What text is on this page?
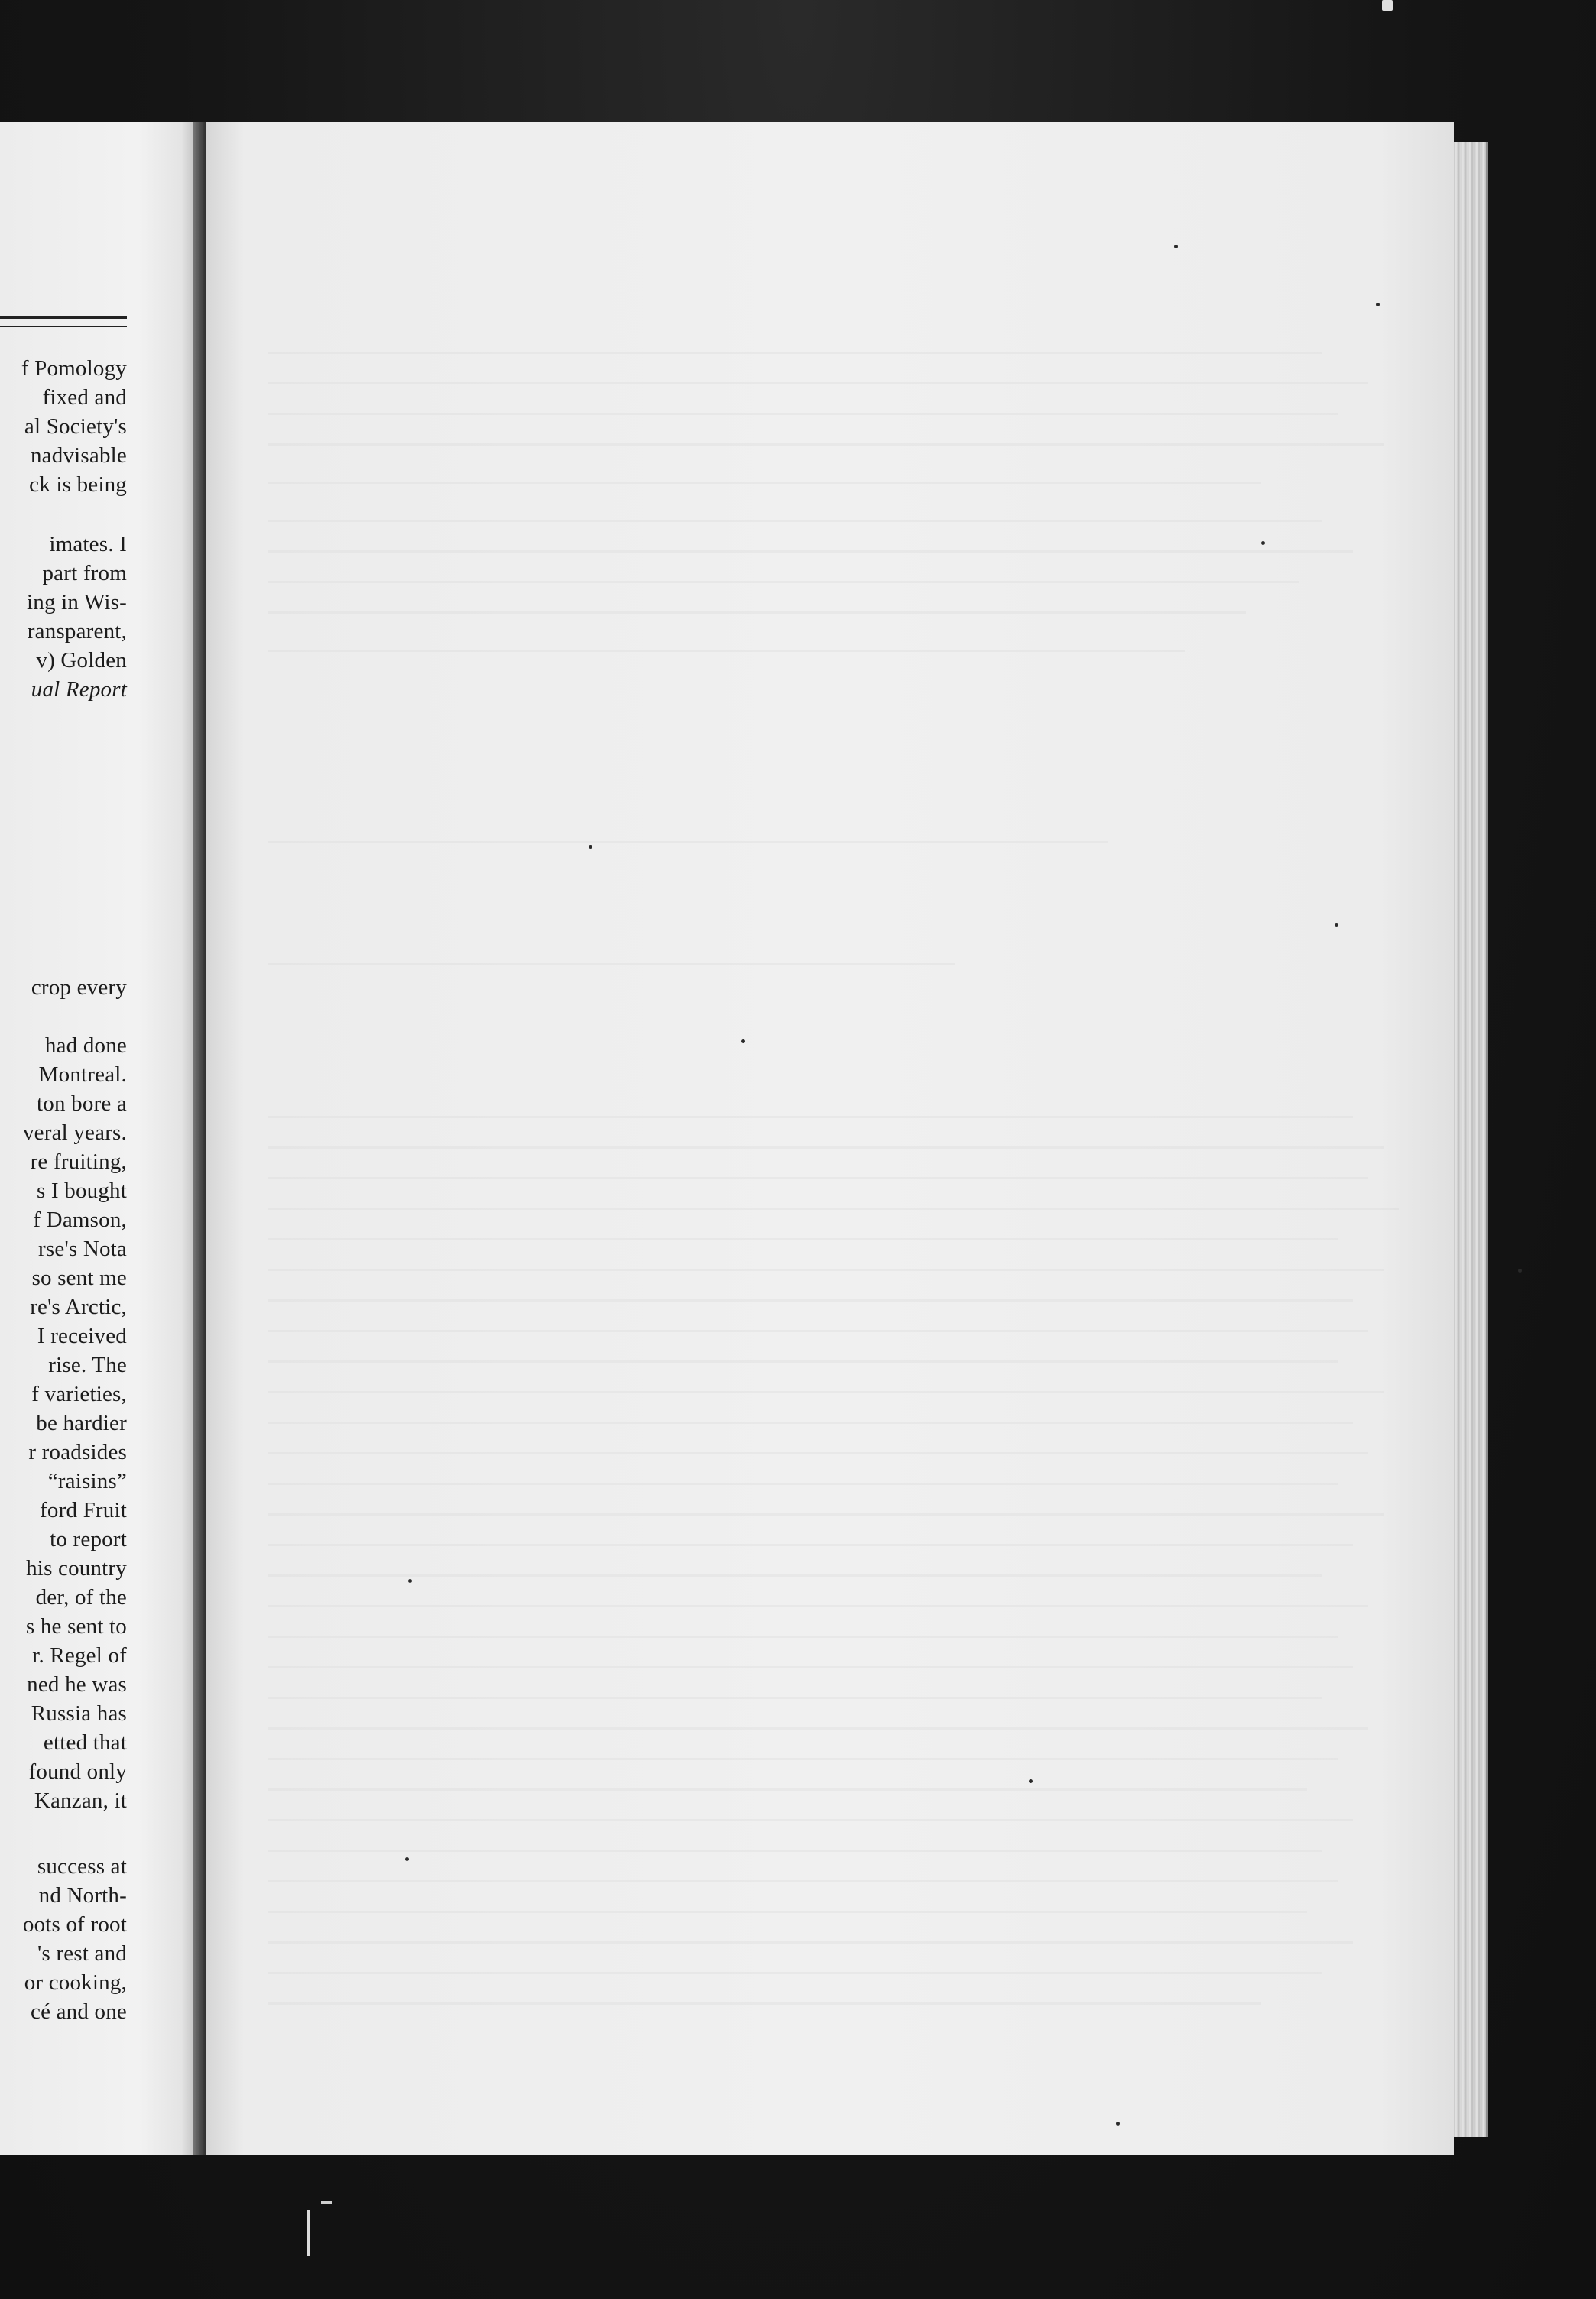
f Pomology
fixed and
al Society's
nadvisable
ck is being
imates. I
part from
ing in Wis-
ransparent,
v) Golden
ual Report
crop every
had done
Montreal.
ton bore a
veral years.
re fruiting,
s I bought
f Damson,
rse's Nota
so sent me
re's Arctic,
I received
rise. The
f varieties,
be hardier
r roadsides
“raisins”
ford Fruit
to report
his country
der, of the
s he sent to
r. Regel of
ned he was
Russia has
etted that
found only
Kanzan, it
success at
nd North-
oots of root
's rest and
or cooking,
cé and one
